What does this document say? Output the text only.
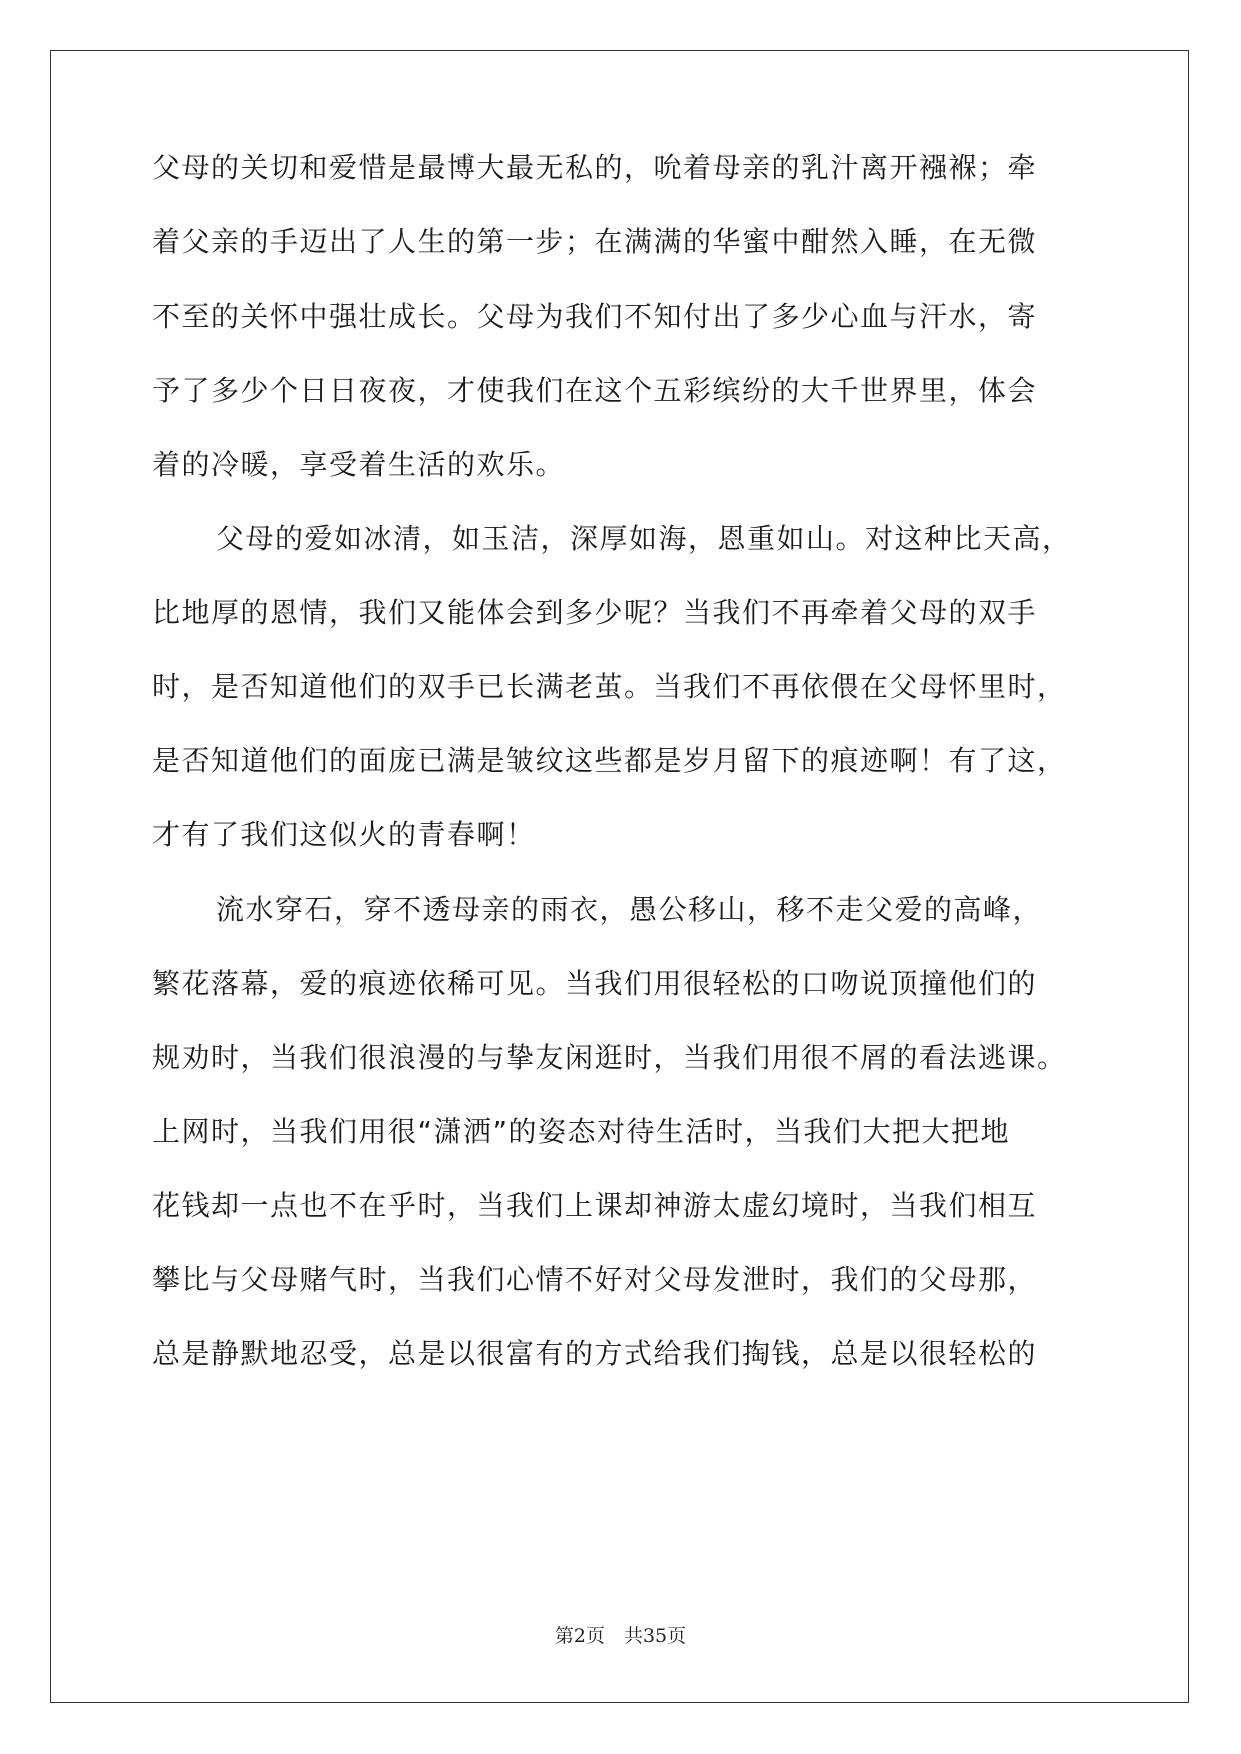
父母的关切和爱惜是最博大最无私的，吮着母亲的乳汁离开襁褓；牵
着父亲的手迈出了人生的第一步；在满满的华蜜中酣然入睡，在无微
不至的关怀中强壮成长。父母为我们不知付出了多少心血与汗水，寄
予了多少个日日夜夜，才使我们在这个五彩缤纷的大千世界里，体会
着的冷暖，享受着生活的欢乐。
父母的爱如冰清，如玉洁，深厚如海，恩重如山。对这种比天高，
比地厚的恩情，我们又能体会到多少呢？当我们不再牵着父母的双手
时，是否知道他们的双手已长满老茧。当我们不再依偎在父母怀里时，
是否知道他们的面庞已满是皱纹这些都是岁月留下的痕迹啊！有了这，
才有了我们这似火的青春啊！
流水穿石，穿不透母亲的雨衣，愚公移山，移不走父爱的高峰，
繁花落幕，爱的痕迹依稀可见。当我们用很轻松的口吻说顶撞他们的
规劝时，当我们很浪漫的与挚友闲逛时，当我们用很不屑的看法逃课。
上网时，当我们用很“潇洒”的姿态对待生活时，当我们大把大把地
花钱却一点也不在乎时，当我们上课却神游太虚幻境时，当我们相互
攀比与父母赌气时，当我们心情不好对父母发泄时，我们的父母那，
总是静默地忍受，总是以很富有的方式给我们掏钱，总是以很轻松的
第2页　共35页
